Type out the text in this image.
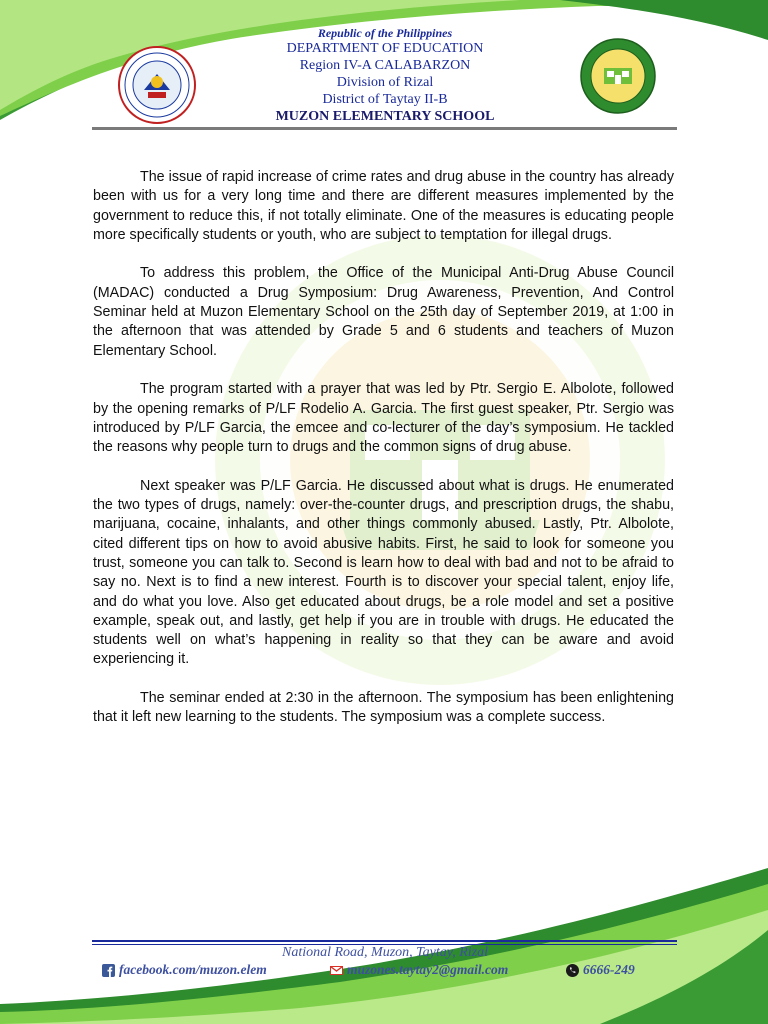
Republic of the Philippines
DEPARTMENT OF EDUCATION
Region IV-A CALABARZON
Division of Rizal
District of Taytay II-B
MUZON ELEMENTARY SCHOOL

The issue of rapid increase of crime rates and drug abuse in the country has already been with us for a very long time and there are different measures implemented by the government to reduce this, if not totally eliminate. One of the measures is educating people more specifically students or youth, who are subject to temptation for illegal drugs.

To address this problem, the Office of the Municipal Anti-Drug Abuse Council (MADAC) conducted a Drug Symposium: Drug Awareness, Prevention, And Control Seminar held at Muzon Elementary School on the 25th day of September 2019, at 1:00 in the afternoon that was attended by Grade 5 and 6 students and teachers of Muzon Elementary School.

The program started with a prayer that was led by Ptr. Sergio E. Albolote, followed by the opening remarks of P/LF Rodelio A. Garcia. The first guest speaker, Ptr. Sergio was introduced by P/LF Garcia, the emcee and co-lecturer of the day’s symposium. He tackled the reasons why people turn to drugs and the common signs of drug abuse.

Next speaker was P/LF Garcia. He discussed about what is drugs. He enumerated the two types of drugs, namely: over-the-counter drugs, and prescription drugs, the shabu, marijuana, cocaine, inhalants, and other things commonly abused. Lastly, Ptr. Albolote, cited different tips on how to avoid abusive habits. First, he said to look for someone you trust, someone you can talk to. Second is learn how to deal with bad and not to be afraid to say no. Next is to find a new interest. Fourth is to discover your special talent, enjoy life, and do what you love. Also get educated about drugs, be a role model and set a positive example, speak out, and lastly, get help if you are in trouble with drugs. He educated the students well on what’s happening in reality so that they can be aware and avoid experiencing it.

The seminar ended at 2:30 in the afternoon. The symposium has been enlightening that it left new learning to the students. The symposium was a complete success.

National Road, Muzon, Taytay, Rizal
facebook.com/muzon.elem	muzones.taytay2@gmail.com	6666-249
